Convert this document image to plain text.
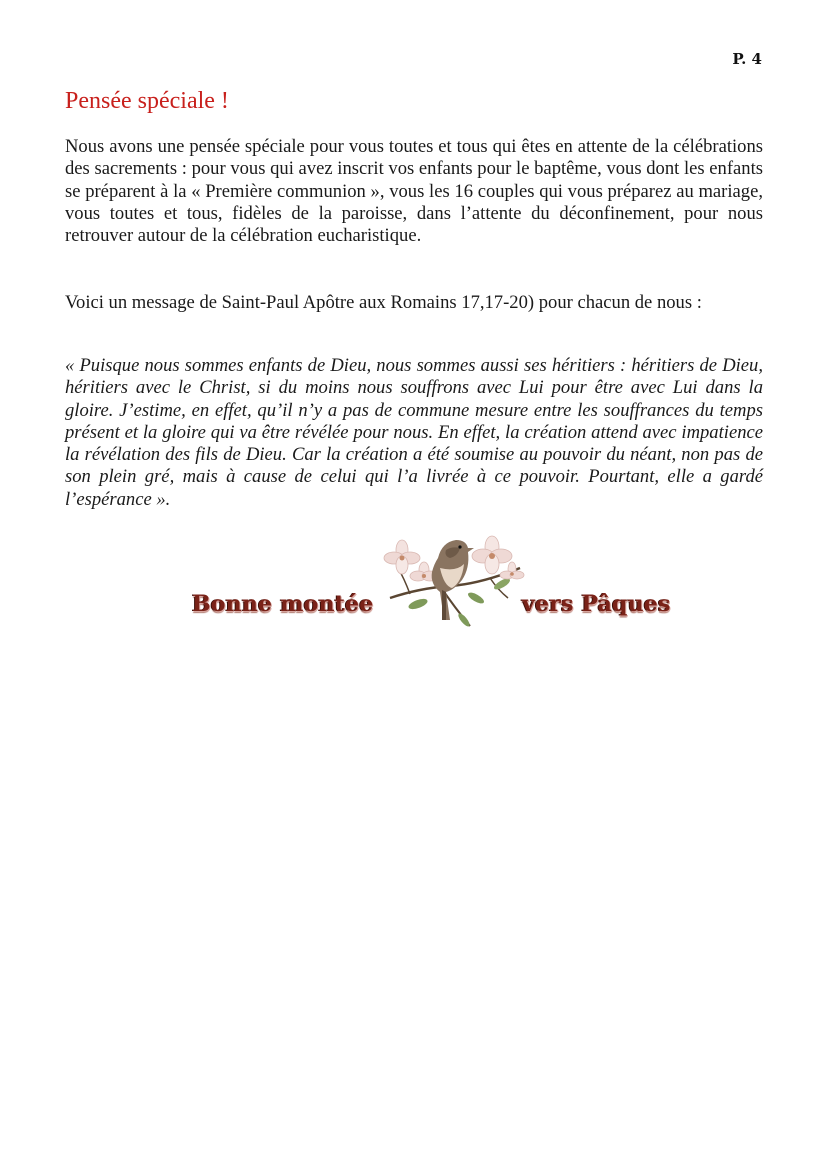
P. 4
Pensée spéciale !

Nous avons une pensée spéciale pour vous toutes et tous qui êtes en attente de la célébrations des sacrements : pour vous qui avez inscrit vos enfants pour le baptême, vous dont les enfants se préparent à la « Première communion », vous les 16 couples qui vous préparez au mariage, vous toutes et tous, fidèles de la paroisse, dans l’attente du déconfinement, pour nous retrouver autour de la célébration eucharistique.

Voici un message de Saint-Paul Apôtre aux Romains 17,17-20) pour chacun de nous :

« Puisque nous sommes enfants de Dieu, nous sommes aussi ses héritiers : héritiers de Dieu, héritiers avec le Christ, si du moins nous souffrons avec Lui pour être avec Lui dans la gloire. J’estime, en effet, qu’il n’y a pas de commune mesure entre les souffrances du temps présent et la gloire qui va être révélée pour nous. En effet, la création attend avec impatience la révélation des fils de Dieu. Car la création a été soumise au pouvoir du néant, non pas de son plein gré, mais à cause de celui qui l’a livrée à ce pouvoir. Pourtant, elle a gardé l’espérance ».

Bonne montée	vers Pâques
